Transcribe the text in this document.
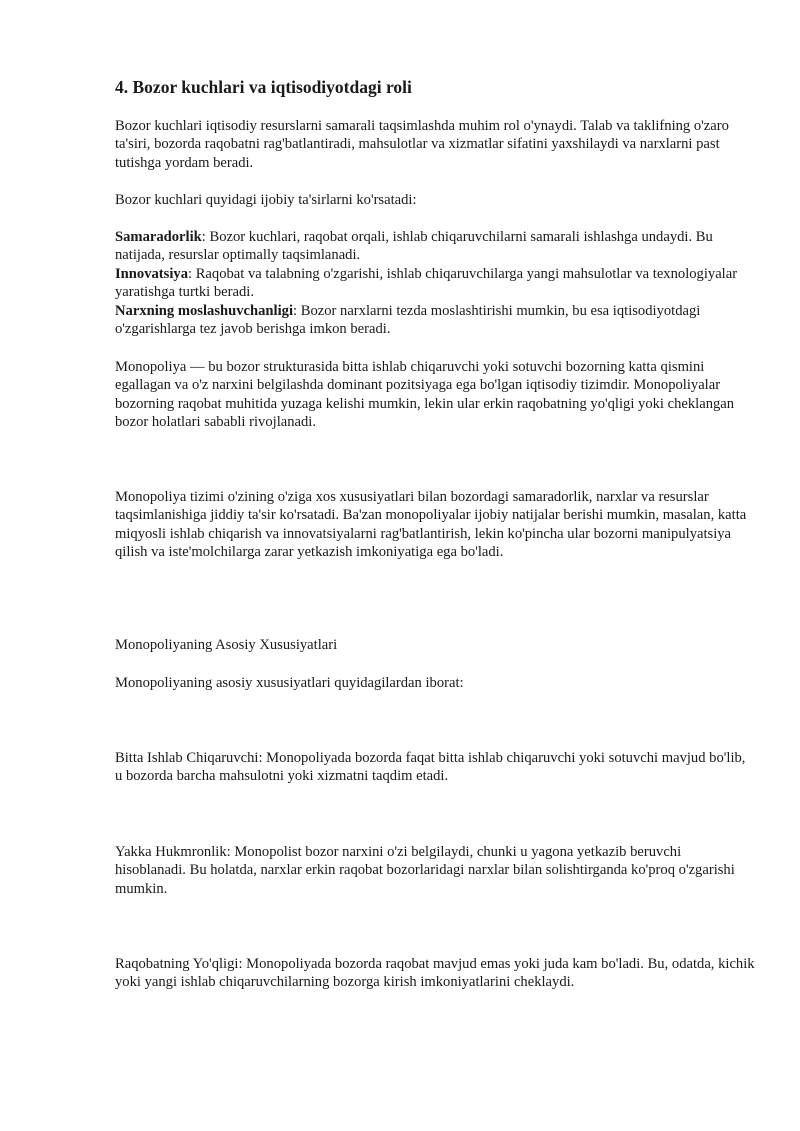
4. Bozor kuchlari va iqtisodiyotdagi roli

Bozor kuchlari iqtisodiy resurslarni samarali taqsimlashda muhim rol o'ynaydi. Talab va taklifning o'zaro ta'siri, bozorda raqobatni rag'batlantiradi, mahsulotlar va xizmatlar sifatini yaxshilaydi va narxlarni past tutishga yordam beradi.

Bozor kuchlari quyidagi ijobiy ta'sirlarni ko'rsatadi:

Samaradorlik: Bozor kuchlari, raqobat orqali, ishlab chiqaruvchilarni samarali ishlashga undaydi. Bu natijada, resurslar optimally taqsimlanadi.
Innovatsiya: Raqobat va talabning o'zgarishi, ishlab chiqaruvchilarga yangi mahsulotlar va texnologiyalar yaratishga turtki beradi.
Narxning moslashuvchanligi: Bozor narxlarni tezda moslashtirishi mumkin, bu esa iqtisodiyotdagi o'zgarishlarga tez javob berishga imkon beradi.

Monopoliya — bu bozor strukturasida bitta ishlab chiqaruvchi yoki sotuvchi bozorning katta qismini egallagan va o'z narxini belgilashda dominant pozitsiyaga ega bo'lgan iqtisodiy tizimdir. Monopoliyalar bozorning raqobat muhitida yuzaga kelishi mumkin, lekin ular erkin raqobatning yo'qligi yoki cheklangan bozor holatlari sababli rivojlanadi.

Monopoliya tizimi o'zining o'ziga xos xususiyatlari bilan bozordagi samaradorlik, narxlar va resurslar taqsimlanishiga jiddiy ta'sir ko'rsatadi. Ba'zan monopoliyalar ijobiy natijalar berishi mumkin, masalan, katta miqyosli ishlab chiqarish va innovatsiyalarni rag'batlantirish, lekin ko'pincha ular bozorni manipulyatsiya qilish va iste'molchilarga zarar yetkazish imkoniyatiga ega bo'ladi.

Monopoliyaning Asosiy Xususiyatlari

Monopoliyaning asosiy xususiyatlari quyidagilardan iborat:

Bitta Ishlab Chiqaruvchi: Monopoliyada bozorda faqat bitta ishlab chiqaruvchi yoki sotuvchi mavjud bo'lib, u bozorda barcha mahsulotni yoki xizmatni taqdim etadi.

Yakka Hukmronlik: Monopolist bozor narxini o'zi belgilaydi, chunki u yagona yetkazib beruvchi hisoblanadi. Bu holatda, narxlar erkin raqobat bozorlaridagi narxlar bilan solishtirganda ko'proq o'zgarishi mumkin.

Raqobatning Yo'qligi: Monopoliyada bozorda raqobat mavjud emas yoki juda kam bo'ladi. Bu, odatda, kichik yoki yangi ishlab chiqaruvchilarning bozorga kirish imkoniyatlarini cheklaydi.
